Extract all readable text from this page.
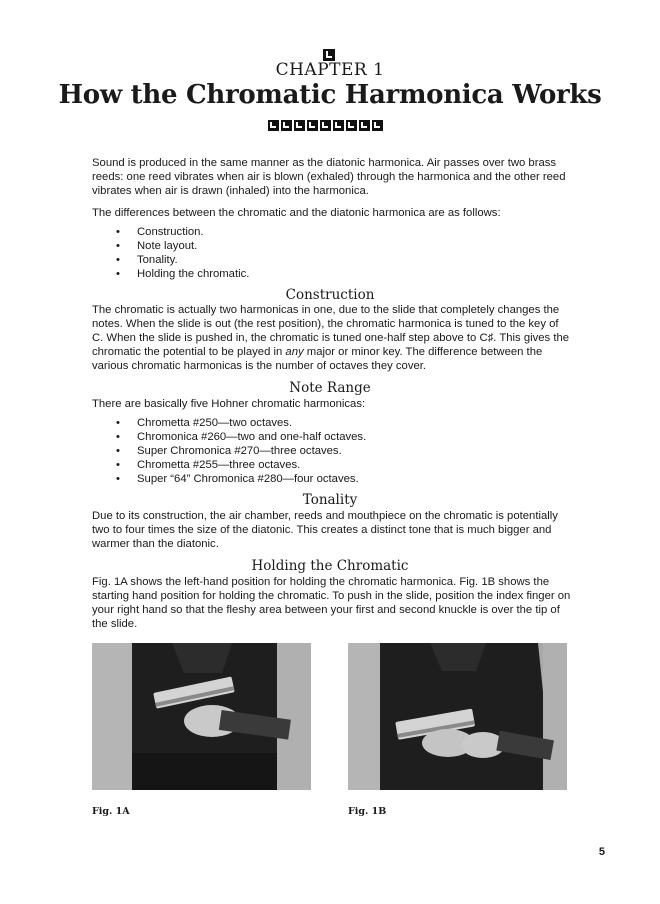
CHAPTER 1
How the Chromatic Harmonica Works

Sound is produced in the same manner as the diatonic harmonica. Air passes over two brass reeds: one reed vibrates when air is blown (exhaled) through the harmonica and the other reed vibrates when air is drawn (inhaled) into the harmonica.

The differences between the chromatic and the diatonic harmonica are as follows:

• Construction.
• Note layout.
• Tonality.
• Holding the chromatic.
Construction

The chromatic is actually two harmonicas in one, due to the slide that completely changes the notes. When the slide is out (the rest position), the chromatic harmonica is tuned to the key of C. When the slide is pushed in, the chromatic is tuned one-half step above to C♯. This gives the chromatic the potential to be played in any major or minor key. The difference between the various chromatic harmonicas is the number of octaves they cover.

Note Range

There are basically five Hohner chromatic harmonicas:

• Chrometta #250—two octaves.
• Chromonica #260—two and one-half octaves.
• Super Chromonica #270—three octaves.
• Chrometta #255—three octaves.
• Super “64” Chromonica #280—four octaves.
Tonality

Due to its construction, the air chamber, reeds and mouthpiece on the chromatic is potentially two to four times the size of the diatonic. This creates a distinct tone that is much bigger and warmer than the diatonic.

Holding the Chromatic

Fig. 1A shows the left-hand position for holding the chromatic harmonica. Fig. 1B shows the starting hand position for holding the chromatic. To push in the slide, position the index finger on your right hand so that the fleshy area between your first and second knuckle is over the tip of the slide.

Fig. 1A	Fig. 1B
5
